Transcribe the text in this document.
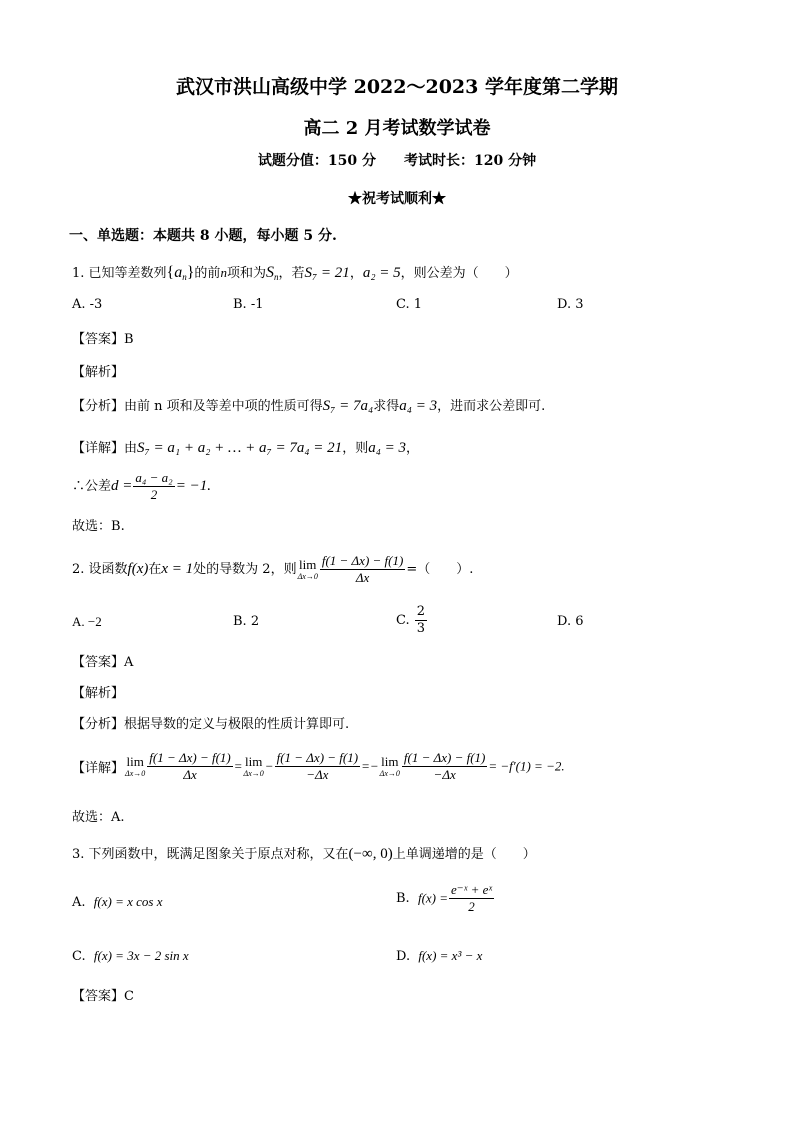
武汉市洪山高级中学 2022～2023 学年度第二学期
高二 2 月考试数学试卷
试题分值：150 分　　考试时长：120 分钟
★祝考试顺利★
一、单选题：本题共 8 小题，每小题 5 分.
1. 已知等差数列$\{a_n\}$的前n项和为$S_n$，若S₇ = 21，a₂ = 5，则公差为（　　）
A. -3	B. -1	C. 1	D. 3
【答案】B
【解析】
【分析】由前 n 项和及等差中项的性质可得S₇ = 7a₄求得a₄ = 3，进而求公差即可.
【详解】由S₇ = a₁ + a₂ + … + a₇ = 7a₄ = 21，则a₄ = 3，
∴公差$d = \frac{\text{a₄ − a₂}}{2} = -1$.
故选：B.
2. 设函数f(x)在x = 1处的导数为 2，则 lim
$\Delta x\to 0 \frac{f(1 - \Delta x) - f(1)}{\Delta x}$ =（　　）.
A. −2	B. 2	C. $\frac{2}{3}$	D. 6
【答案】A
【解析】
【分析】根据导数的定义与极限的性质计算即可.
【详解】 lim
$\Delta x\to 0 \frac{f(1 - \Delta x) - f(1)}{\Delta x} = \lim$
$\Delta x\to 0 - \frac{f(1 - \Delta x) - f(1)}{-\Delta x} =- \lim$
$\Delta x\to 0 \frac{f(1 - \Delta x) - f(1)}{-\Delta x} = -f'(1) = -2$.
故选：A.
3. 下列函数中，既满足图象关于原点对称，又在(−∞, 0)上单调递增的是（　　）
A. f(x) = x cos x	B. $f(x) = \frac{\text{e⁻ˣ + eˣ}}{2}$
C. f(x) = 3x − 2 sin x	D. f(x) = x³ − x
【答案】C
